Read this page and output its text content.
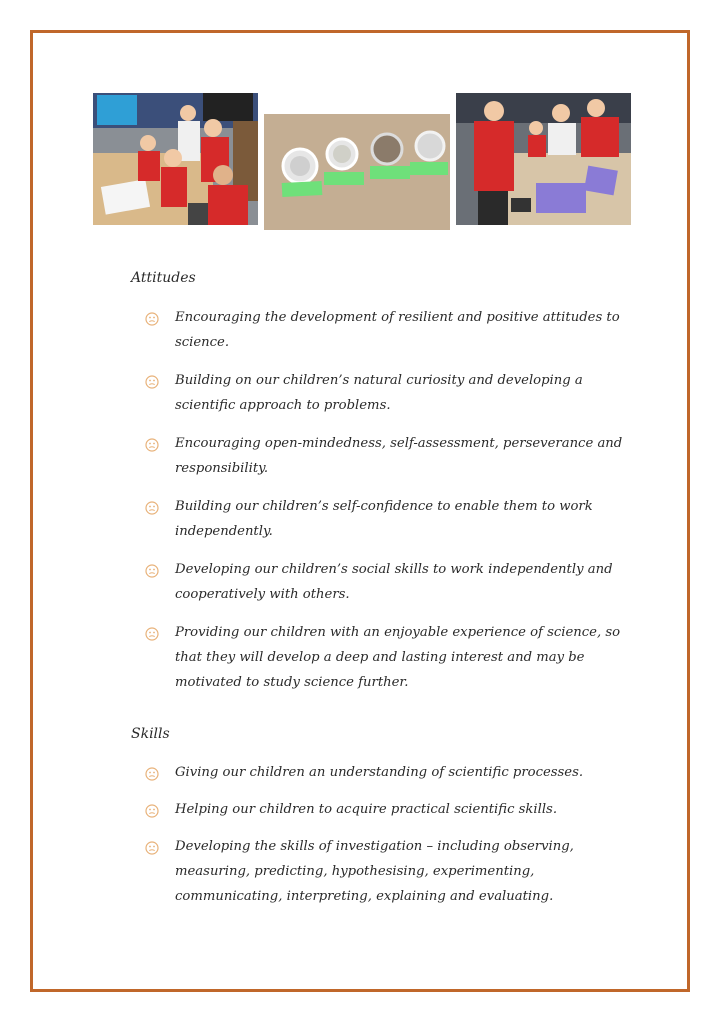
Attitudes
Encouraging the development of resilient and positive attitudes to
science.
Building on our children’s natural curiosity and developing a
scientific approach to problems.
Encouraging open-mindedness, self-assessment, perseverance and
responsibility.
Building our children’s self-confidence to enable them to work
independently.
Developing our children’s social skills to work independently and
cooperatively with others.
Providing our children with an enjoyable experience of science, so
that they will develop a deep and lasting interest and may be
motivated to study science further.
Skills
Giving our children an understanding of scientific processes.
Helping our children to acquire practical scientific skills.
Developing the skills of investigation – including observing,
measuring, predicting, hypothesising, experimenting,
communicating, interpreting, explaining and evaluating.
